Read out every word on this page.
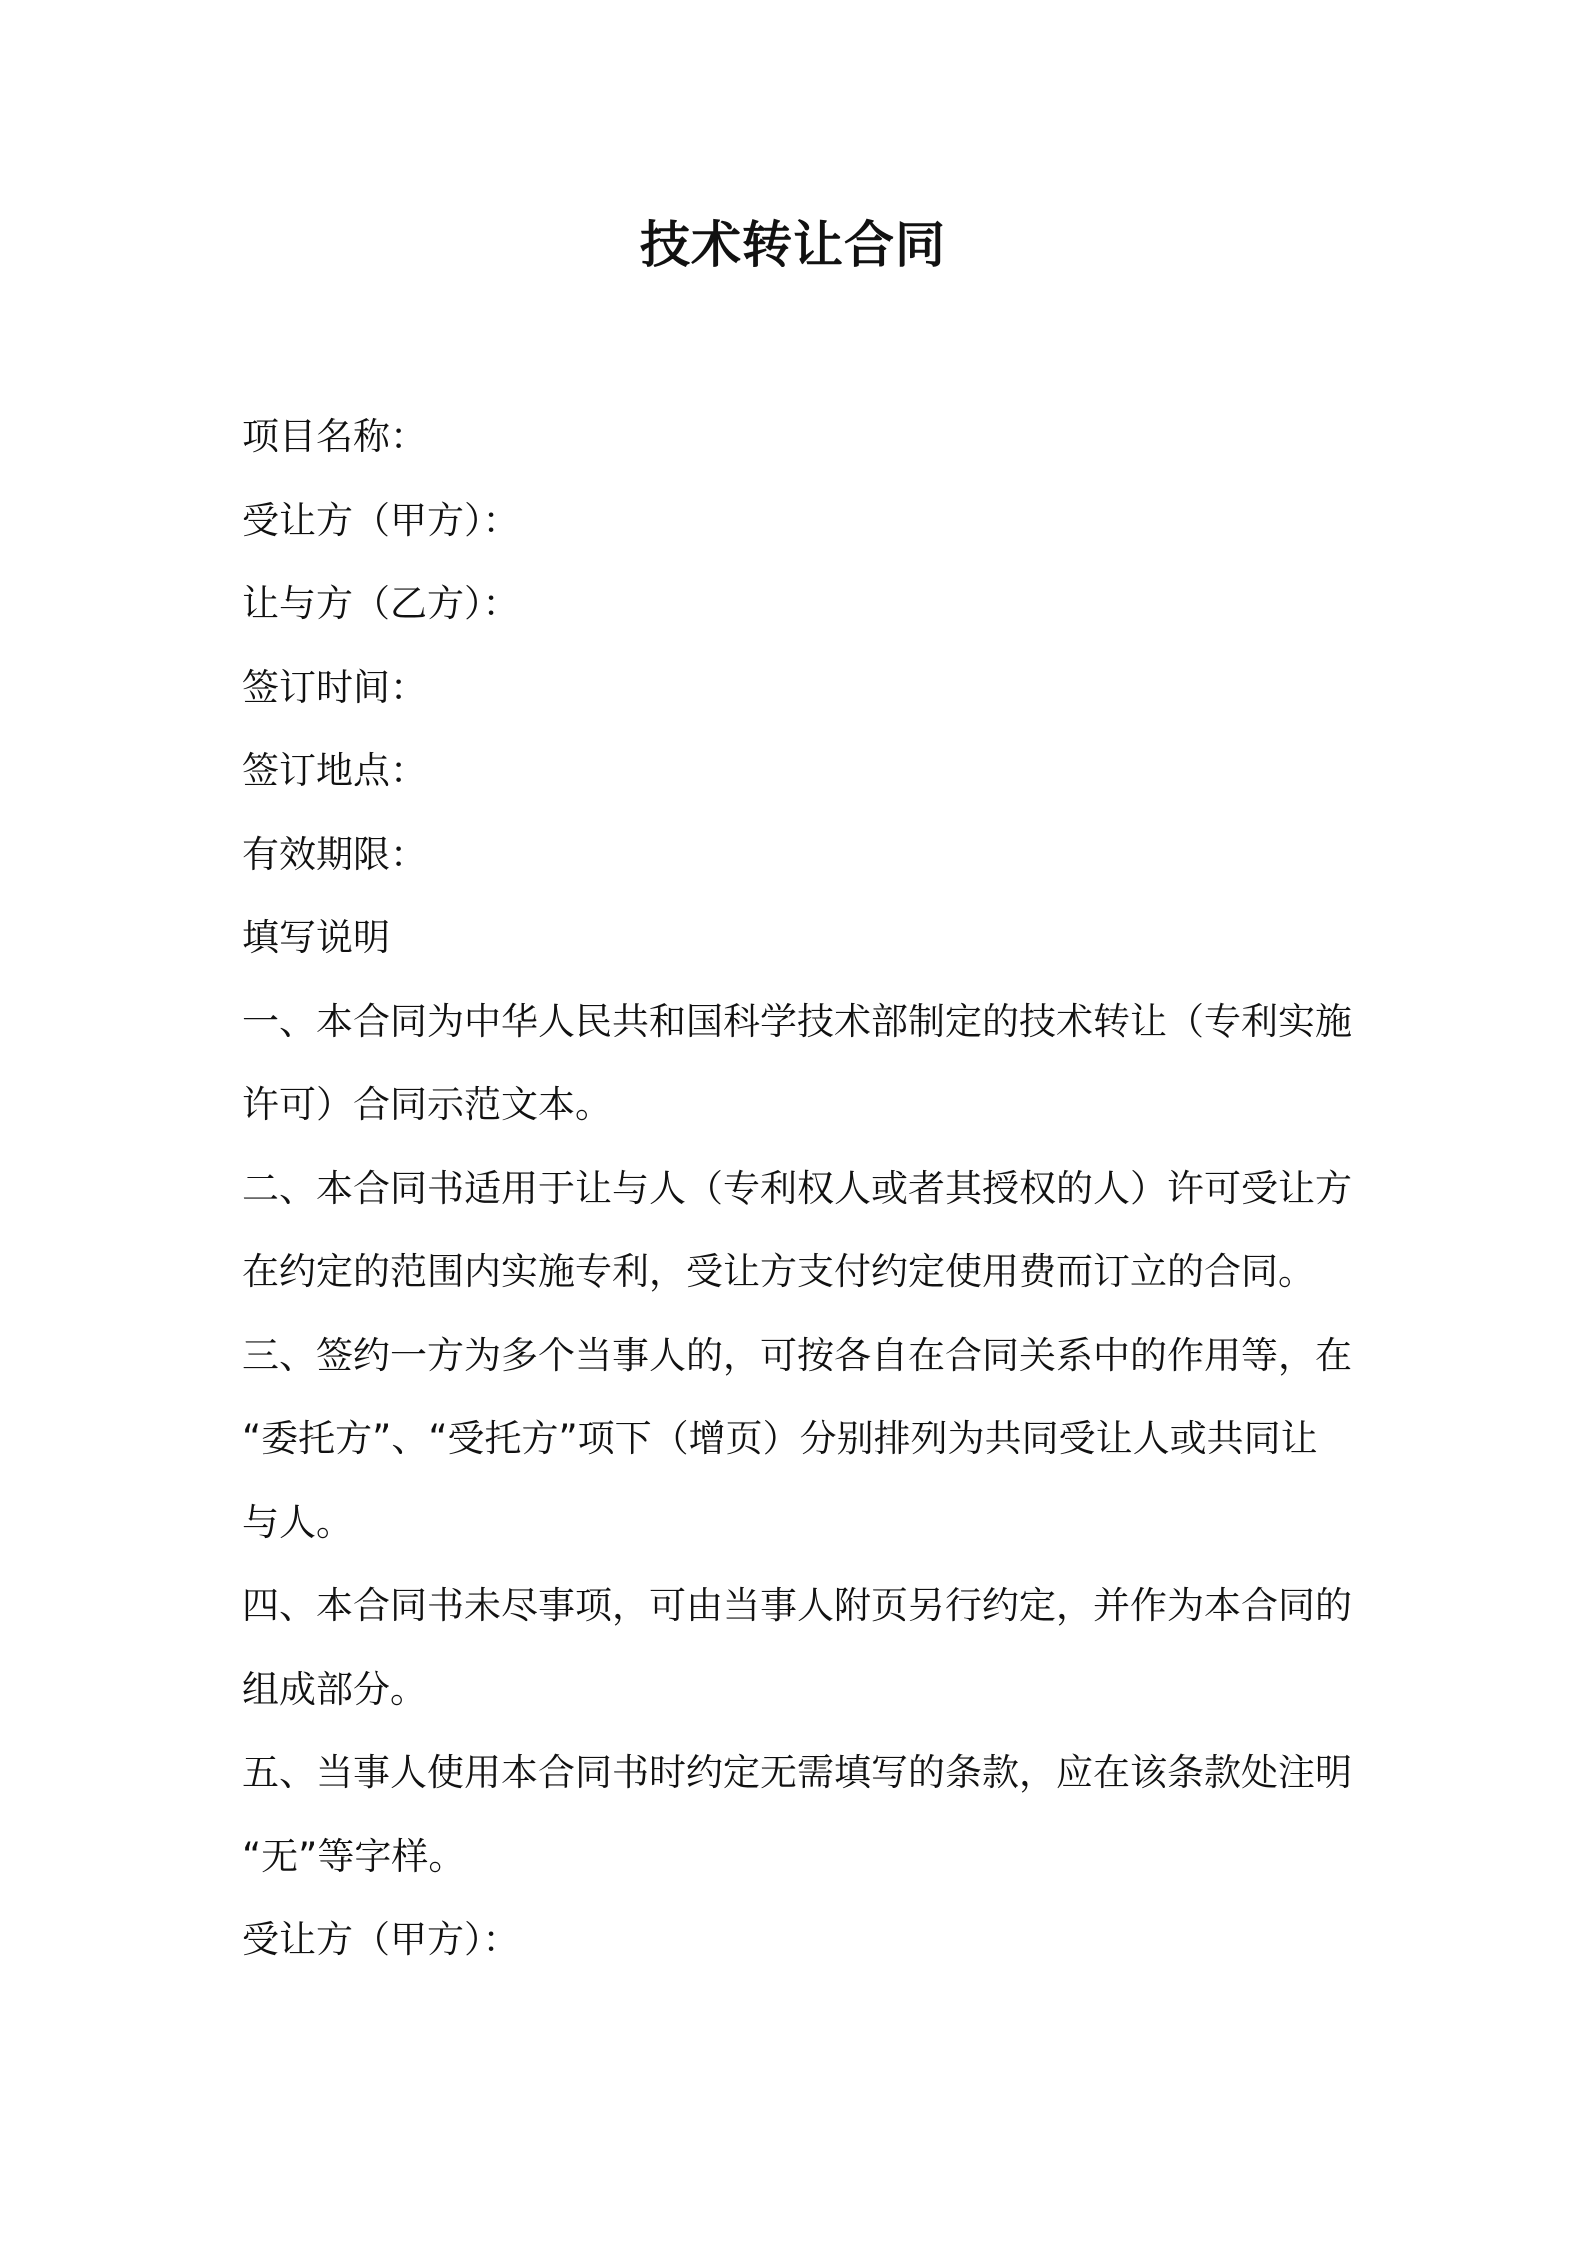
技术转让合同
项目名称：
受让方（甲方）：
让与方（乙方）：
签订时间：
签订地点：
有效期限：
填写说明
一、本合同为中华人民共和国科学技术部制定的技术转让（专利实施
许可）合同示范文本。
二、本合同书适用于让与人（专利权人或者其授权的人）许可受让方
在约定的范围内实施专利，受让方支付约定使用费而订立的合同。
三、签约一方为多个当事人的，可按各自在合同关系中的作用等，在
“委托方”、“受托方”项下（增页）分别排列为共同受让人或共同让
与人。
四、本合同书未尽事项，可由当事人附页另行约定，并作为本合同的
组成部分。
五、当事人使用本合同书时约定无需填写的条款，应在该条款处注明
“无”等字样。
受让方（甲方）：
